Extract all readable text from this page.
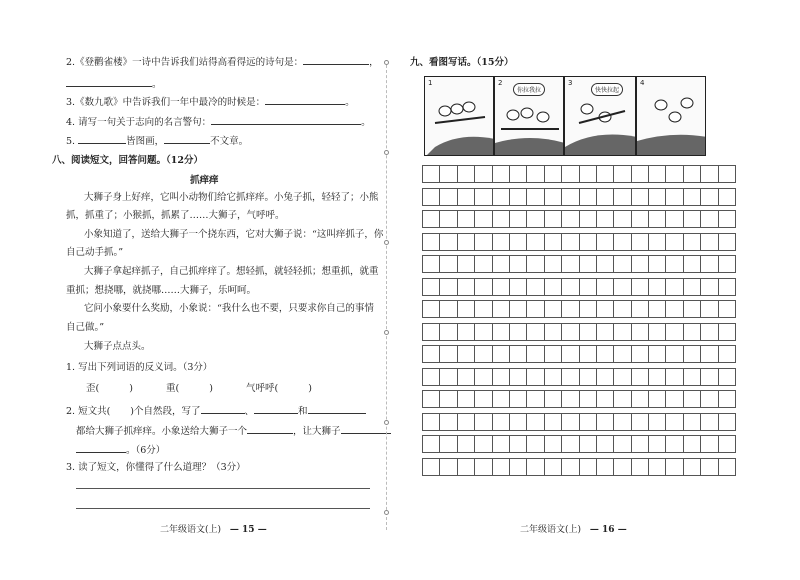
2.《登鹳雀楼》一诗中告诉我们站得高看得远的诗句是：	，
。
3.《数九歌》中告诉我们一年中最冷的时候是：	。
4. 请写一句关于志向的名言警句：	。
5.	皆图画，	不文章。
八、阅读短文，回答问题。（12分）
抓痒痒
大狮子身上好痒，它叫小动物们给它抓痒痒。小兔子抓，轻轻了；小熊
抓，抓重了；小猴抓，抓累了……大狮子，气呼呼。
小象知道了，送给大狮子一个挠东西，它对大狮子说：“这叫痒抓子，你
自己动手抓。”
大狮子拿起痒抓子，自己抓痒痒了。想轻抓，就轻轻抓；想重抓，就重
重抓；想挠哪，就挠哪……大狮子，乐呵呵。
它问小象要什么奖励，小象说：“我什么也不要，只要求你自己的事情
自己做。”
大狮子点点头。
1. 写出下列词语的反义词。（3分）
歪(	)	重(	)	气呼呼(	)
2. 短文共( )个自然段，写了	、	和
都给大狮子抓痒痒。小象送给大狮子一个	，让大狮子
。（6分）
3. 读了短文，你懂得了什么道理？（3分）
二年级语文(上) — 15 —
九、看图写话。（15分）
1	2
你拉我拉
3
快快拉起
4
二年级语文(上) — 16 —
